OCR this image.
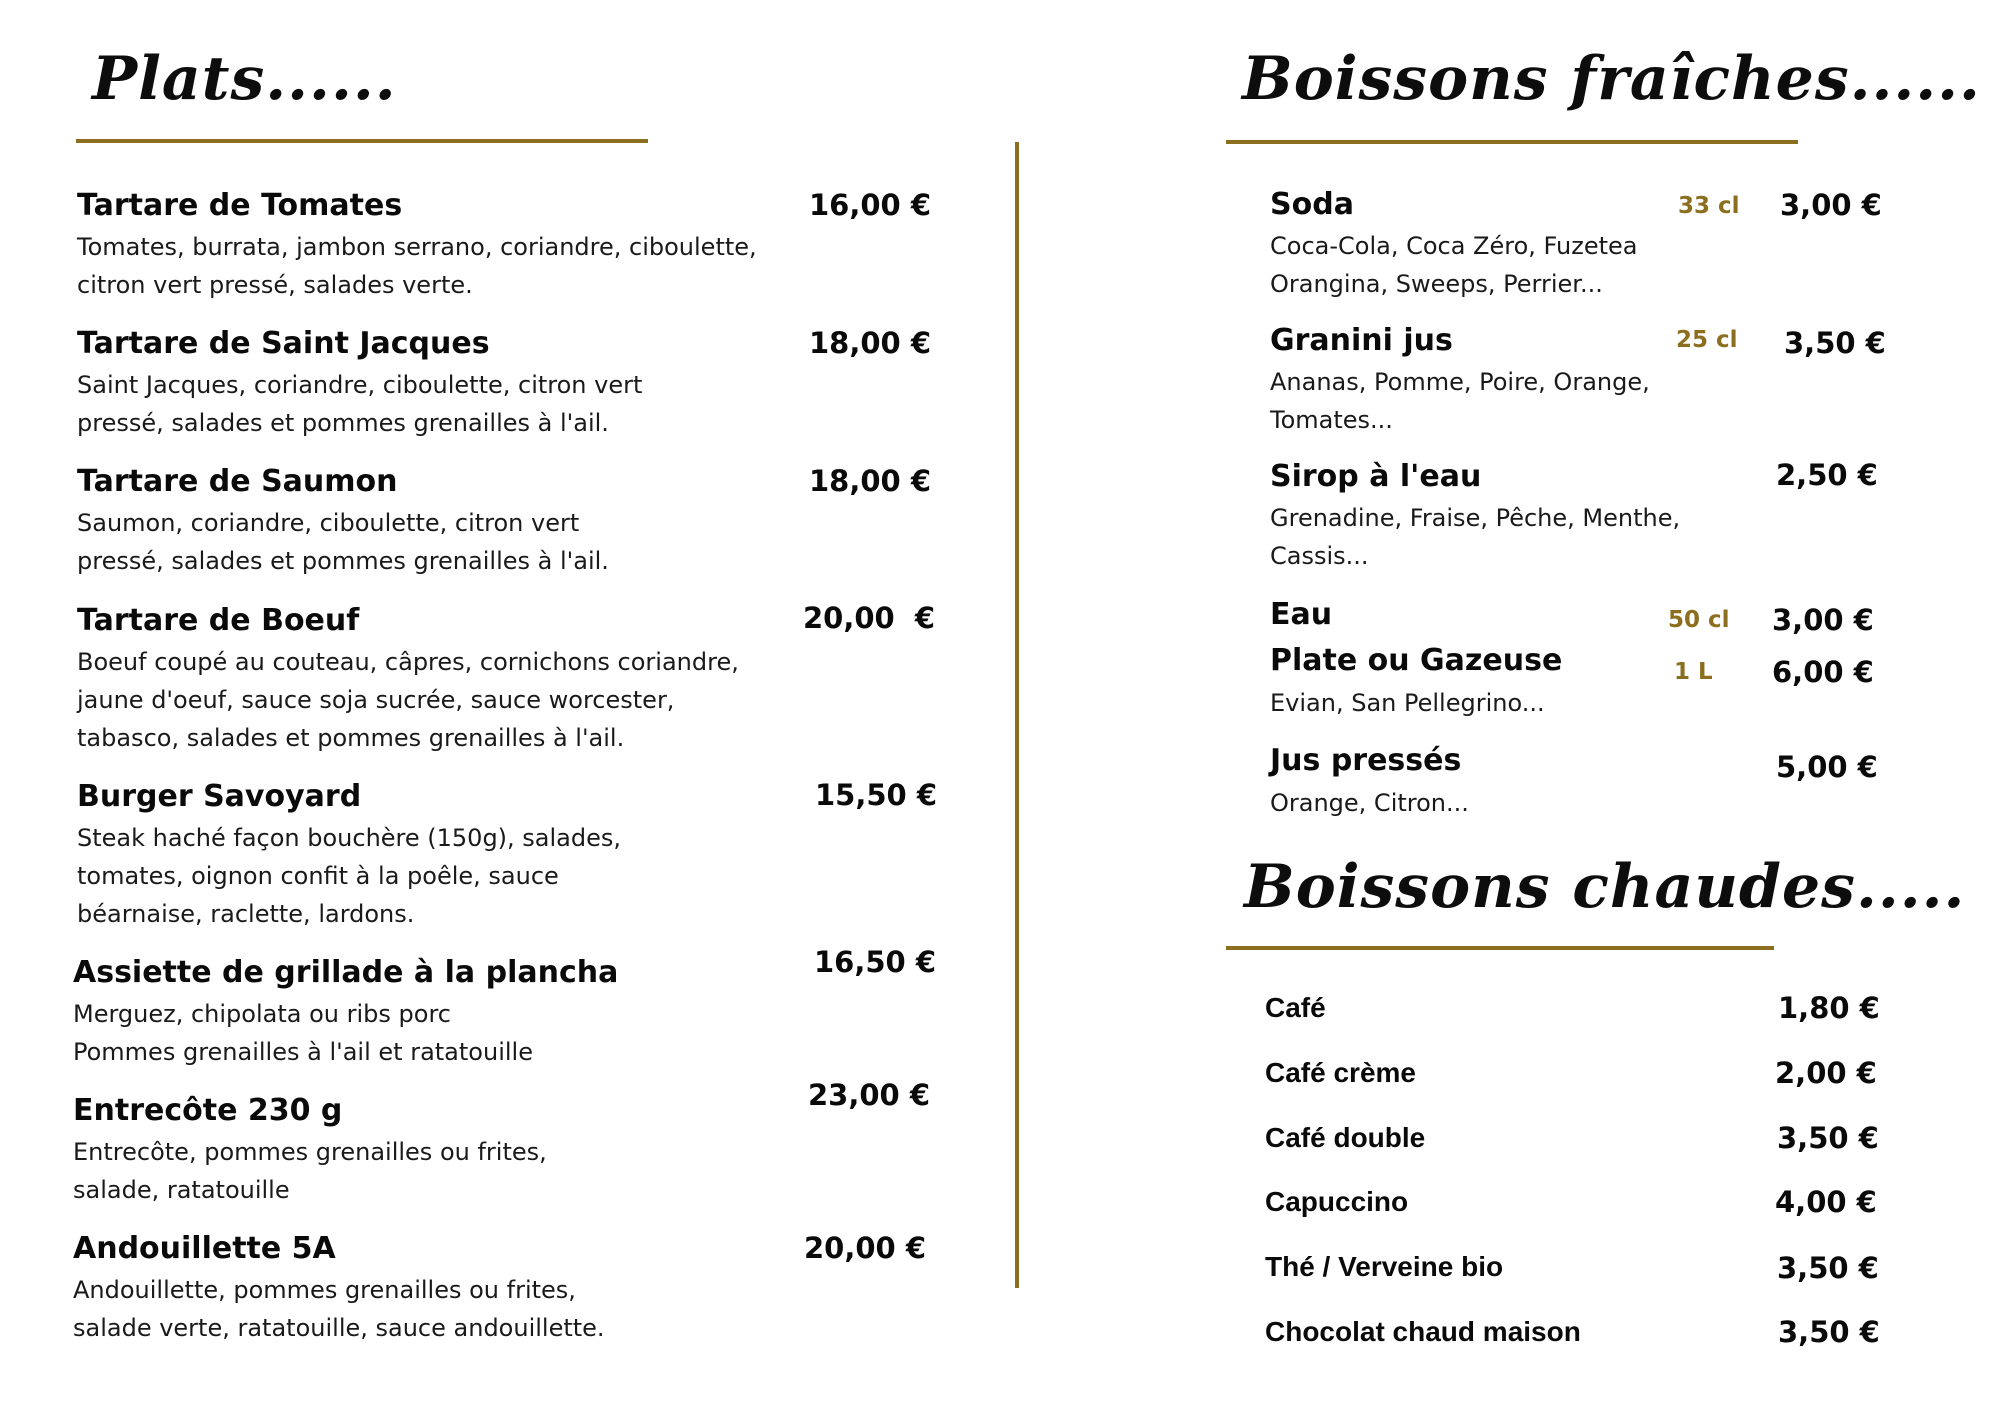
Plats......
Tartare de Tomates	16,00 €
Tomates, burrata, jambon serrano, coriandre, ciboulette,
citron vert pressé, salades verte.
Tartare de Saint Jacques	18,00 €
Saint Jacques, coriandre, ciboulette, citron vert
pressé, salades et pommes grenailles à l'ail.
Tartare de Saumon	18,00 €
Saumon, coriandre, ciboulette, citron vert
pressé, salades et pommes grenailles à l'ail.
Tartare de Boeuf	20,00  €
Boeuf coupé au couteau, câpres, cornichons coriandre,
jaune d'oeuf, sauce soja sucrée, sauce worcester,
tabasco, salades et pommes grenailles à l'ail.
Burger Savoyard	15,50 €
Steak haché façon bouchère (150g), salades,
tomates, oignon confit à la poêle, sauce
béarnaise, raclette, lardons.
Assiette de grillade à la plancha	16,50 €
Merguez, chipolata ou ribs porc
Pommes grenailles à l'ail et ratatouille
Entrecôte 230 g	23,00 €
Entrecôte, pommes grenailles ou frites,
salade, ratatouille
Andouillette 5A	20,00 €
Andouillette, pommes grenailles ou frites,
salade verte, ratatouille, sauce andouillette.
Boissons fraîches......
Soda	33 cl 3,00 €
Coca-Cola, Coca Zéro, Fuzetea
Orangina, Sweeps, Perrier...
Granini jus	25 cl 3,50 €
Ananas, Pomme, Poire, Orange,
Tomates...
Sirop à l'eau	2,50 €
Grenadine, Fraise, Pêche, Menthe,
Cassis...
Eau	50 cl 3,00 €
Plate ou Gazeuse	1 L 6,00 €
Evian, San Pellegrino...
Jus pressés	5,00 €
Orange, Citron...
Boissons chaudes.....
Café	1,80 €
Café crème	2,00 €
Café double	3,50 €
Capuccino	4,00 €
Thé / Verveine bio	3,50 €
Chocolat chaud maison	3,50 €
